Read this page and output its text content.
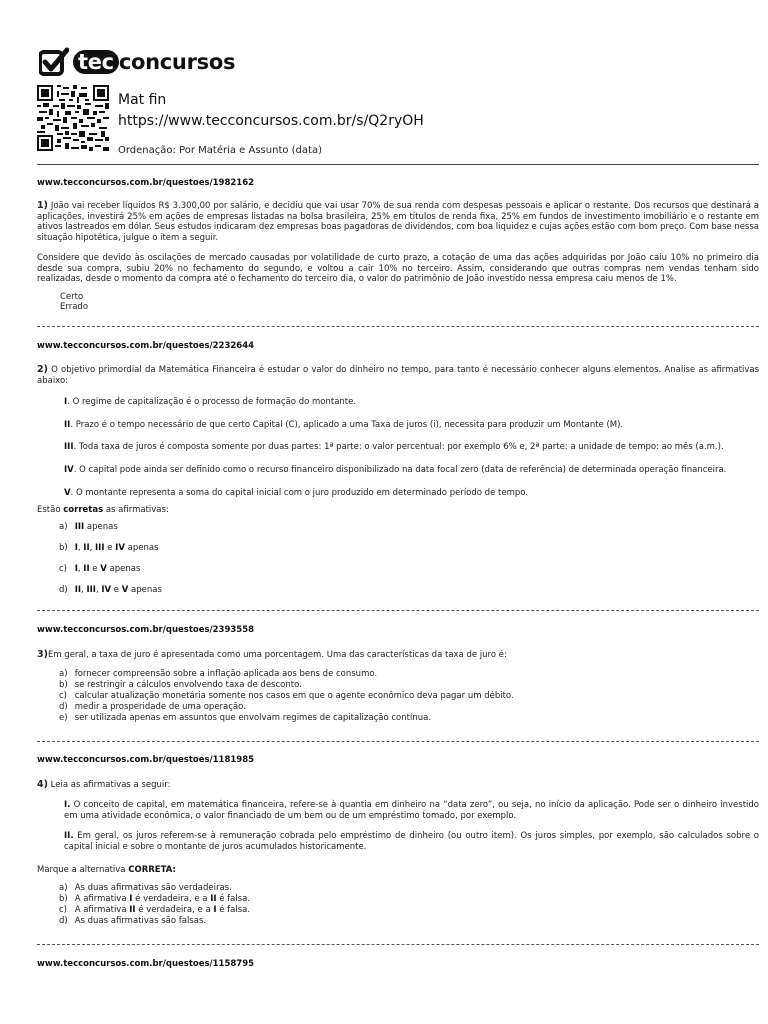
tec concursos
Mat fin
https://www.tecconcursos.com.br/s/Q2ryOH
Ordenação: Por Matéria e Assunto (data)
www.tecconcursos.com.br/questoes/1982162
1) João vai receber líquidos R$ 3.300,00 por salário, e decidiu que vai usar 70% de sua renda com despesas pessoais e aplicar o restante. Dos recursos que destinará a aplicações, investirá 25% em ações de empresas listadas na bolsa brasileira, 25% em títulos de renda fixa, 25% em fundos de investimento imobiliário e o restante em ativos lastreados em dólar. Seus estudos indicaram dez empresas boas pagadoras de dividendos, com boa liquidez e cujas ações estão com bom preço. Com base nessa situação hipotética, julgue o item a seguir.
Considere que devido às oscilações de mercado causadas por volatilidade de curto prazo, a cotação de uma das ações adquiridas por João caiu 10% no primeiro dia desde sua compra, subiu 20% no fechamento do segundo, e voltou a cair 10% no terceiro. Assim, considerando que outras compras nem vendas tenham sido realizadas, desde o momento da compra até o fechamento do terceiro dia, o valor do patrimônio de João investido nessa empresa caiu menos de 1%.
Certo
Errado
www.tecconcursos.com.br/questoes/2232644
2) O objetivo primordial da Matemática Financeira é estudar o valor do dinheiro no tempo, para tanto é necessário conhecer alguns elementos. Analise as afirmativas abaixo:
I. O regime de capitalização é o processo de formação do montante.
II. Prazo é o tempo necessário de que certo Capital (C), aplicado a uma Taxa de juros (i), necessita para produzir um Montante (M).
III. Toda taxa de juros é composta somente por duas partes: 1ª parte: o valor percentual: por exemplo 6% e, 2ª parte: a unidade de tempo: ao mês (a.m.).
IV. O capital pode ainda ser definido como o recurso financeiro disponibilizado na data focal zero (data de referência) de determinada operação financeira.
V. O montante representa a soma do capital inicial com o juro produzido em determinado período de tempo.
Estão corretas as afirmativas:
a) III apenas
b) I, II, III e IV apenas
c) I, II e V apenas
d) II, III, IV e V apenas
www.tecconcursos.com.br/questoes/2393558
3)Em geral, a taxa de juro é apresentada como uma porcentagem. Uma das características da taxa de juro é:
a) fornecer compreensão sobre a inflação aplicada aos bens de consumo.
b) se restringir a cálculos envolvendo taxa de desconto.
c) calcular atualização monetária somente nos casos em que o agente econômico deva pagar um débito.
d) medir a prosperidade de uma operação.
e) ser utilizada apenas em assuntos que envolvam regimes de capitalização contínua.
www.tecconcursos.com.br/questoes/1181985
4) Leia as afirmativas a seguir:
I. O conceito de capital, em matemática financeira, refere-se à quantia em dinheiro na “data zero”, ou seja, no início da aplicação. Pode ser o dinheiro investido em uma atividade econômica, o valor financiado de um bem ou de um empréstimo tomado, por exemplo.
II. Em geral, os juros referem-se à remuneração cobrada pelo empréstimo de dinheiro (ou outro item). Os juros simples, por exemplo, são calculados sobre o capital inicial e sobre o montante de juros acumulados historicamente.
Marque a alternativa CORRETA:
a) As duas afirmativas são verdadeiras.
b) A afirmativa I é verdadeira, e a II é falsa.
c) A afirmativa II é verdadeira, e a I é falsa.
d) As duas afirmativas são falsas.
www.tecconcursos.com.br/questoes/1158795
